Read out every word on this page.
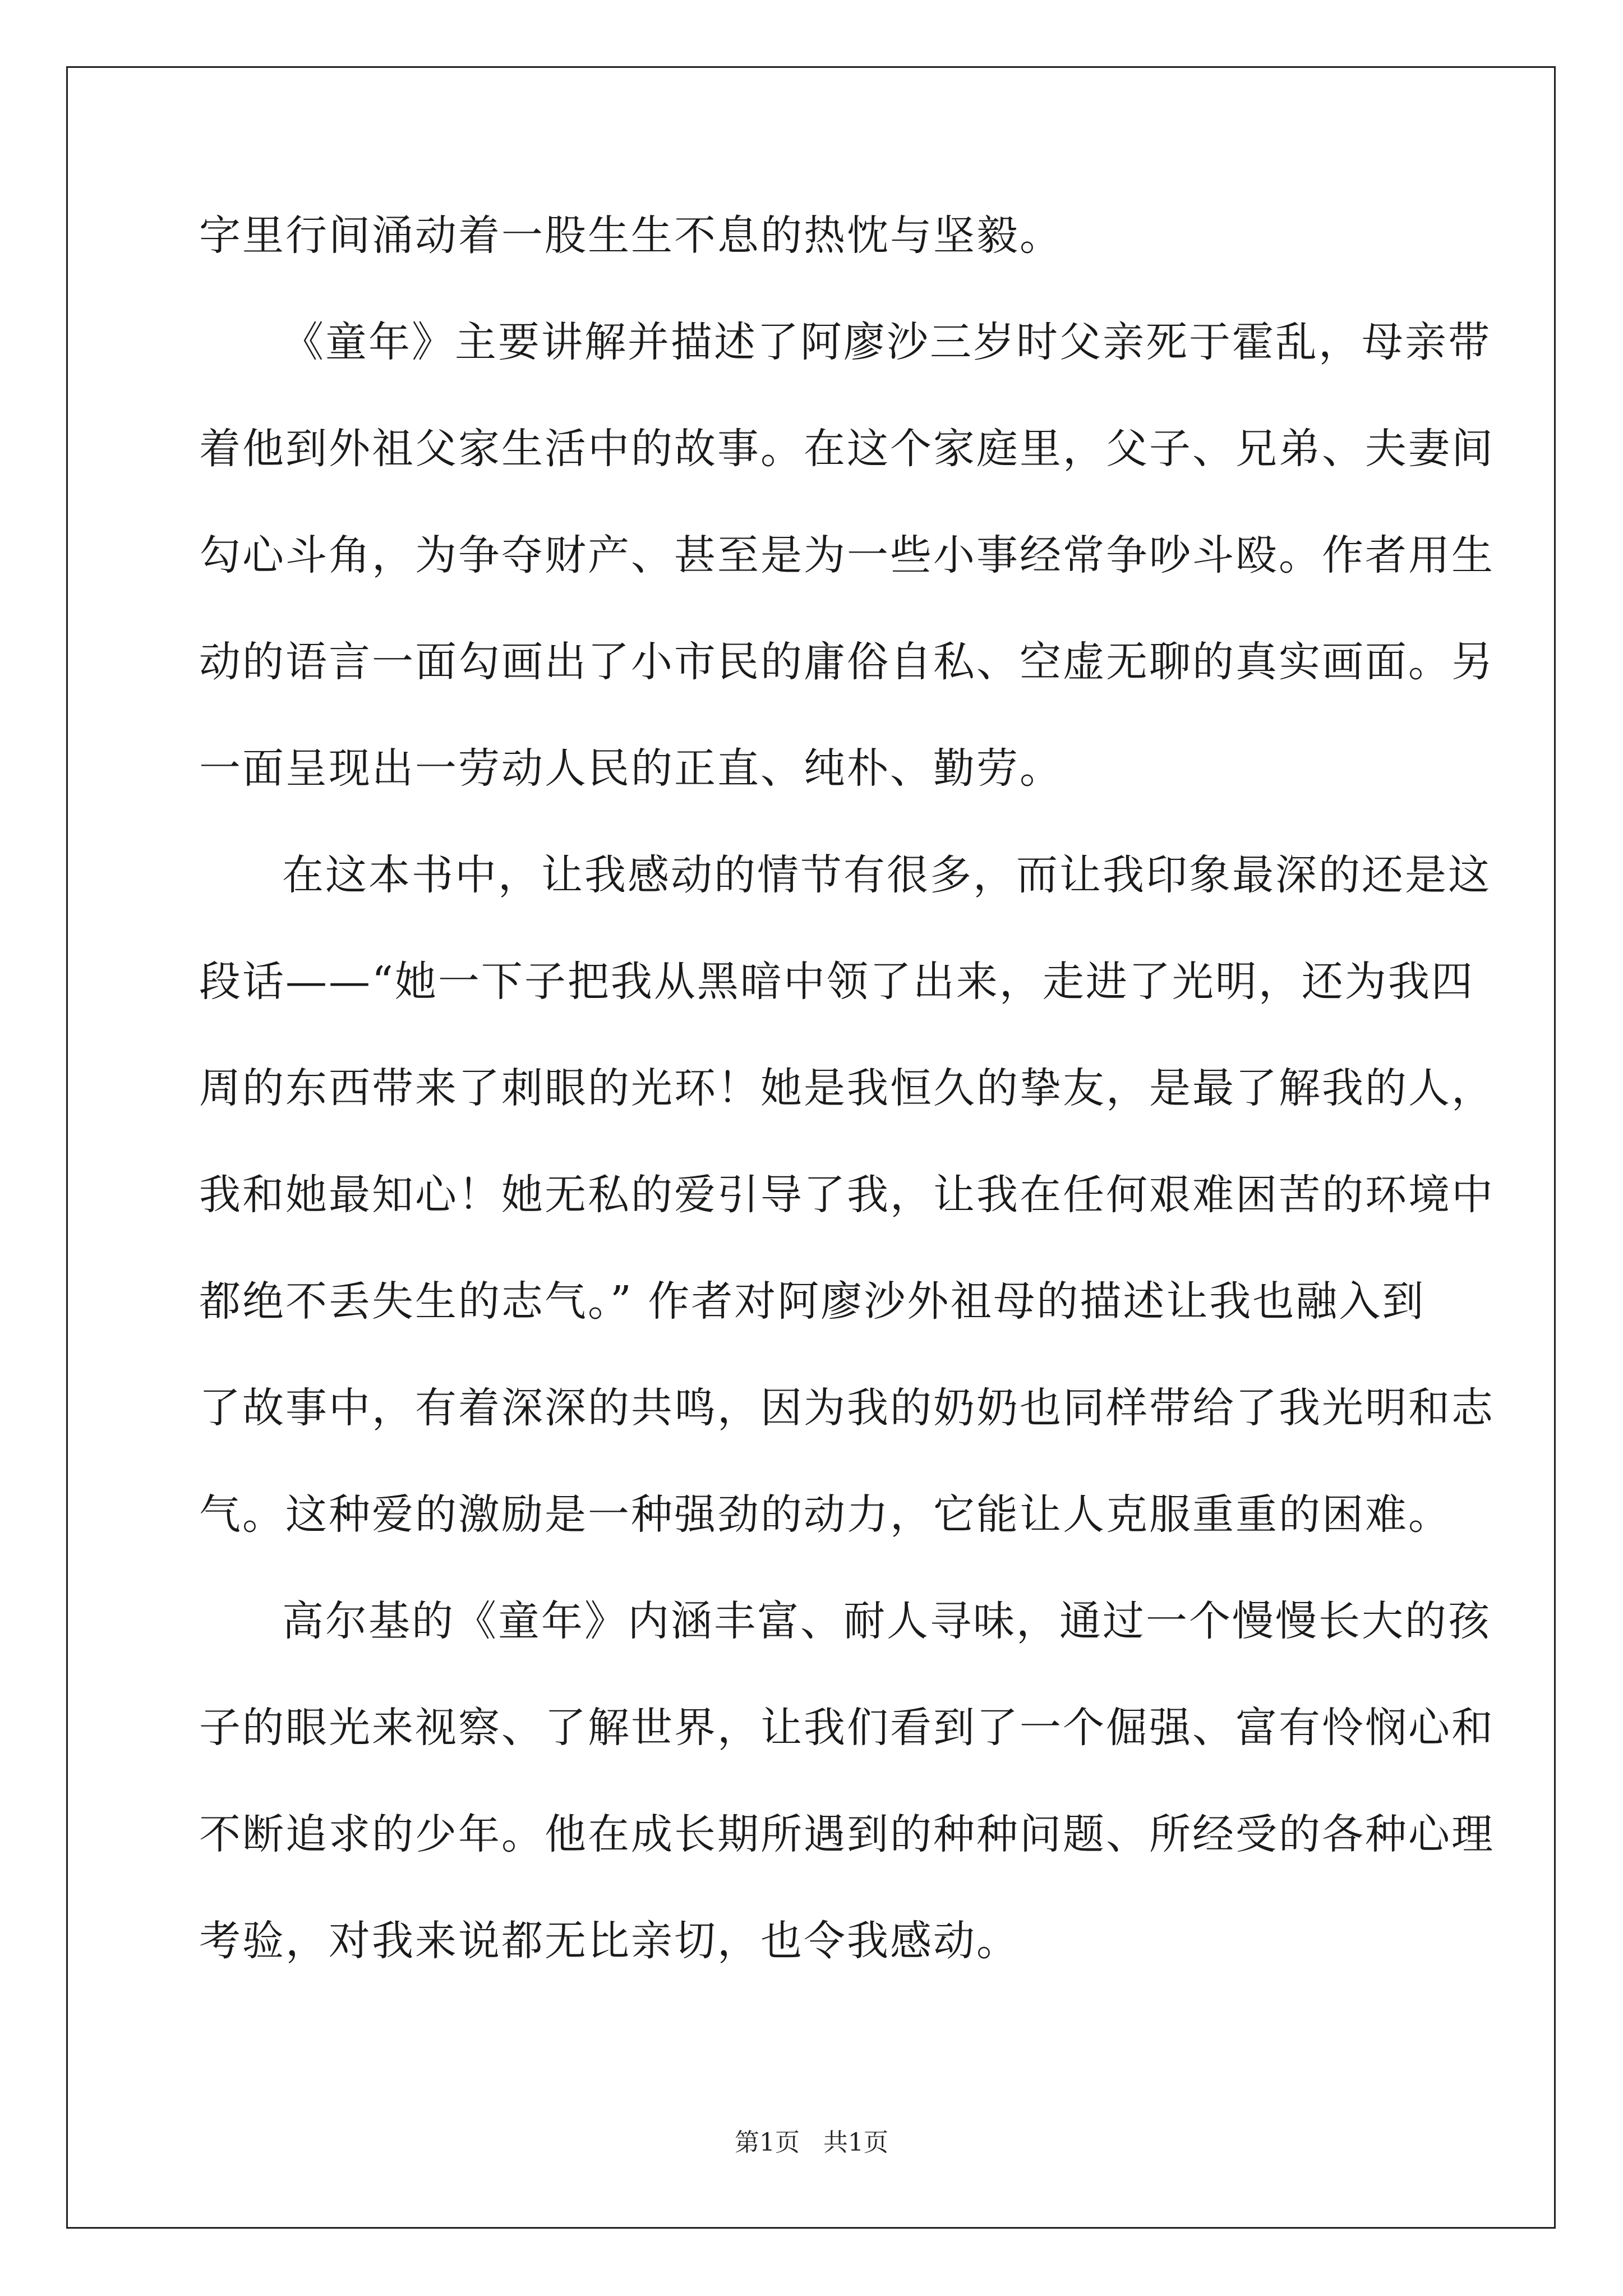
字里行间涌动着一股生生不息的热忱与坚毅。
《童年》主要讲解并描述了阿廖沙三岁时父亲死于霍乱，母亲带
着他到外祖父家生活中的故事。在这个家庭里，父子、兄弟、夫妻间
勾心斗角，为争夺财产、甚至是为一些小事经常争吵斗殴。作者用生
动的语言一面勾画出了小市民的庸俗自私、空虚无聊的真实画面。另
一面呈现出一劳动人民的正直、纯朴、勤劳。
在这本书中，让我感动的情节有很多，而让我印象最深的还是这
段话——“她一下子把我从黑暗中领了出来，走进了光明，还为我四
周的东西带来了刺眼的光环！她是我恒久的挚友，是最了解我的人，
我和她最知心！她无私的爱引导了我，让我在任何艰难困苦的环境中
都绝不丢失生的志气。” 作者对阿廖沙外祖母的描述让我也融入到
了故事中，有着深深的共鸣，因为我的奶奶也同样带给了我光明和志
气。这种爱的激励是一种强劲的动力，它能让人克服重重的困难。
高尔基的《童年》内涵丰富、耐人寻味，通过一个慢慢长大的孩
子的眼光来视察、了解世界，让我们看到了一个倔强、富有怜悯心和
不断追求的少年。他在成长期所遇到的种种问题、所经受的各种心理
考验，对我来说都无比亲切，也令我感动。
第1页 共1页
